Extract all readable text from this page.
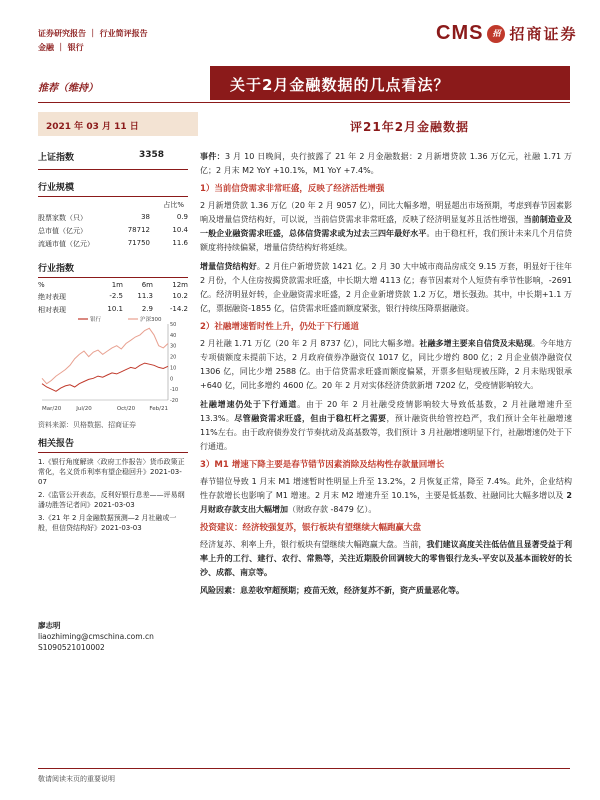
证券研究报告 ｜ 行业简评报告
金融 ｜ 银行
CMS	招 招商证券
推荐（维持）	关于2月金融数据的几点看法？
2021 年 03 月 11 日	评21年2月金融数据
上证指数	3358
行业规模
占比%
股票家数（只）	38	0.9
总市值（亿元）	78712	10.4
流通市值（亿元）	71750	11.6
行业指数
%	1m	6m	12m
绝对表现	-2.5	11.3	10.2
相对表现	10.1	2.9	-14.2
-20
-10
0
10
20
30
40
50
Mar/20	Jul/20	Oct/20	Feb/21
银行	沪深300
资料来源：贝格数据、招商证券
相关报告
1.《银行角度解读〈政府工作报告〉货币政策正常化，名义货币利率有望企稳回升》2021-03-07
2.《监管公开表态，反利好银行息差——评易纲潘功胜答记者问》2021-03-03
3.《21 年 2 月金融数据预测—2 月社融或一般，但信贷结构好》2021-03-03
廖志明
liaozhiming@cmschina.com.cn
S1090521010002
事件：3 月 10 日晚间，央行披露了 21 年 2 月金融数据：2 月新增贷款 1.36 万亿元，社融 1.71 万亿；2 月末 M2 YoY +10.1%，M1 YoY +7.4%。
1）当前信贷需求非常旺盛，反映了经济活性增强
2 月新增贷款 1.36 万亿（20 年 2 月 9057 亿），同比大幅多增，明显超出市场预期，考虑到春节因素影响及增量信贷结构好，可以说，当前信贷需求非常旺盛，反映了经济明显复苏且活性增强，当前制造业及一般企业融资需求旺盛，总体信贷需求或为过去三四年最好水平。由于稳杠杆，我们预计未来几个月信贷额度将持续偏紧，增量信贷结构好将延续。
增量信贷结构好。2 月住户新增贷款 1421 亿。2 月 30 大中城市商品房成交 9.15 万套，明显好于往年 2 月份，个人住房按揭贷款需求旺盛，中长期大增 4113 亿；春节因素对个人短贷有季节性影响，-2691 亿。经济明显好转，企业融资需求旺盛，2 月企业新增贷款 1.2 万亿，增长强劲。其中，中长期+1.1 万亿，票据融资-1855 亿，信贷需求旺盛而额度紧张，银行持续压降票据融资。
2）社融增速暂时性上升，仍处于下行通道
2 月社融 1.71 万亿（20 年 2 月 8737 亿），同比大幅多增。社融多增主要来自信贷及未贴现。今年地方专项债额度未提前下达，2 月政府债券净融资仅 1017 亿，同比少增约 800 亿；2 月企业债净融资仅 1306 亿，同比少增 2588 亿。由于信贷需求旺盛而额度偏紧，开票多但贴现被压降，2 月未贴现银承+640 亿，同比多增约 4600 亿。20 年 2 月对实体经济贷款新增 7202 亿，受疫情影响较大。
社融增速仍处于下行通道。由于 20 年 2 月社融受疫情影响较大导致低基数，2 月社融增速升至 13.3%。尽管融资需求旺盛，但由于稳杠杆之需要，预计融资供给管控趋严，我们预计全年社融增速 11%左右。由于政府债券发行节奏扰动及高基数等，我们预计 3 月社融增速明显下行，社融增速仍处于下行通道。
3）M1 增速下降主要是春节错节因素消除及结构性存款量回增长
春节错位导致 1 月末 M1 增速暂时性明显上升至 13.2%，2 月恢复正常，降至 7.4%。此外，企业结构性存款增长也影响了 M1 增速。2 月末 M2 增速升至 10.1%，主要是低基数、社融同比大幅多增以及 2 月财政存款支出大幅增加（财政存款 -8479 亿）。
投资建议：经济较强复苏，银行板块有望继续大幅跑赢大盘
经济复苏、利率上升，银行板块有望继续大幅跑赢大盘。当前，我们建议高度关注低估值且显著受益于利率上升的工行、建行、农行、常熟等，关注近期股价回调较大的零售银行龙头-平安以及基本面较好的长沙、成都、南京等。
风险因素：息差收窄超预期；疫苗无效，经济复苏不新，资产质量恶化等。
敬请阅读末页的重要说明
